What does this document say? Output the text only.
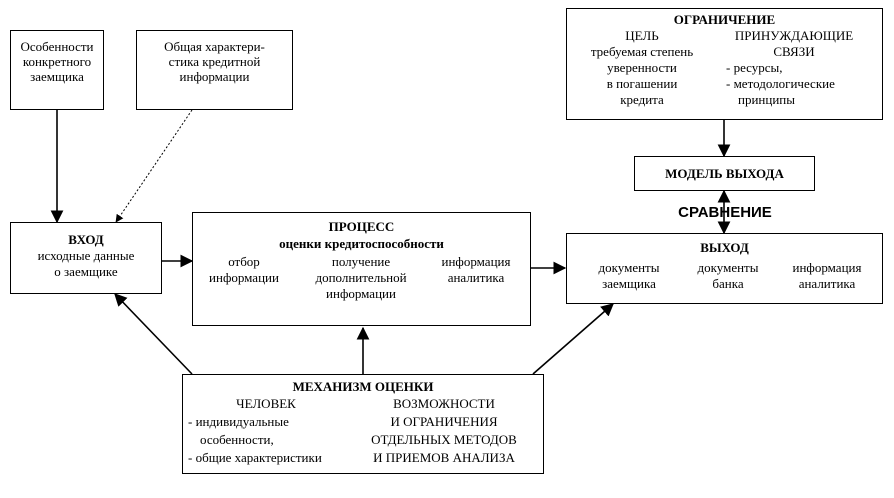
Особенности
конкретного
заемщика
Общая характери-
стика кредитной
информации
ОГРАНИЧЕНИЕ
ЦЕЛЬ
требуемая степень
уверенности
в погашении
кредита
ПРИНУЖДАЮЩИЕ
СВЯЗИ
- ресурсы,
- методологические
принципы
МОДЕЛЬ ВЫХОДА
СРАВНЕНИЕ
ВХОД
исходные данные
о заемщике
ПРОЦЕСС
оценки кредитоспособности
отбор
информации
получение
дополнительной
информации
информация
аналитика
ВЫХОД
документы
заемщика
документы
банка
информация
аналитика
МЕХАНИЗМ ОЦЕНКИ
ЧЕЛОВЕК
- индивидуальные
особенности,
- общие характеристики
ВОЗМОЖНОСТИ
И ОГРАНИЧЕНИЯ
ОТДЕЛЬНЫХ МЕТОДОВ
И ПРИЕМОВ АНАЛИЗА
